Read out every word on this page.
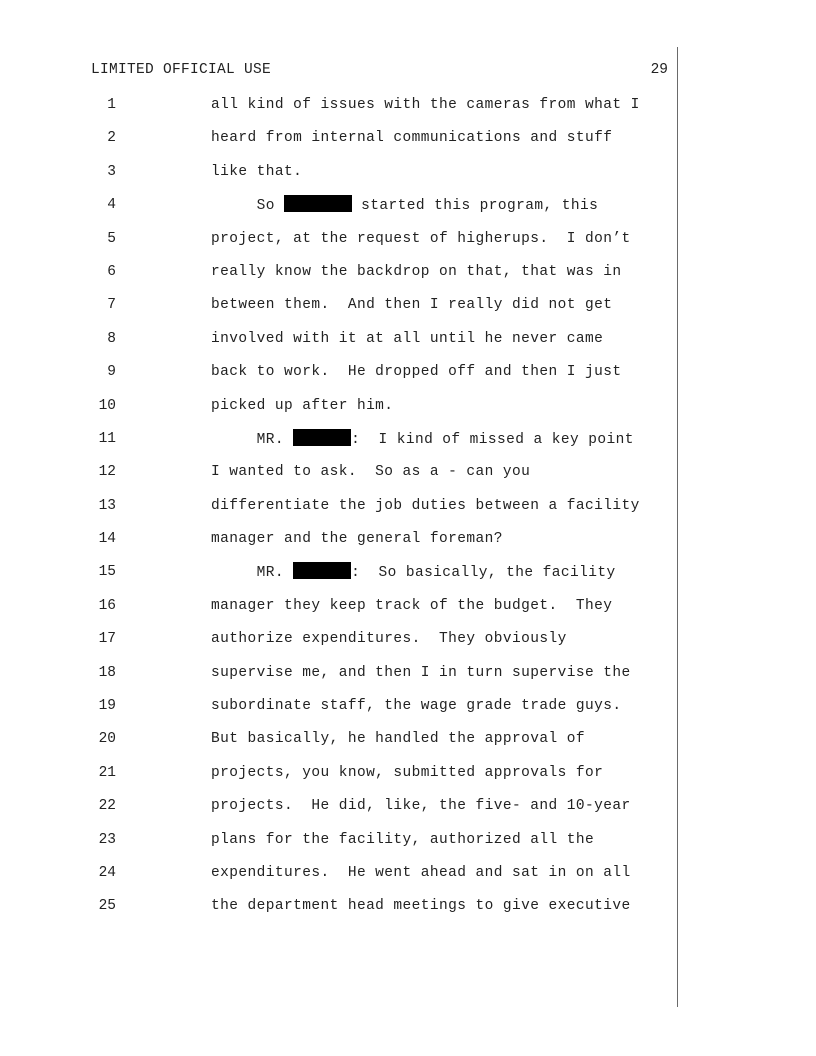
LIMITED OFFICIAL USE	29
1	all kind of issues with the cameras from what I
2	heard from internal communications and stuff
3	like that.
4	So	started this program, this
5	project, at the request of higherups.  I don’t
6	really know the backdrop on that, that was in
7	between them.  And then I really did not get
8	involved with it at all until he never came
9	back to work.  He dropped off and then I just
10	picked up after him.
11	MR.	:  I kind of missed a key point
12	I wanted to ask.  So as a - can you
13	differentiate the job duties between a facility
14	manager and the general foreman?
15	MR.	:  So basically, the facility
16	manager they keep track of the budget.  They
17	authorize expenditures.  They obviously
18	supervise me, and then I in turn supervise the
19	subordinate staff, the wage grade trade guys.
20	But basically, he handled the approval of
21	projects, you know, submitted approvals for
22	projects.  He did, like, the five- and 10-year
23	plans for the facility, authorized all the
24	expenditures.  He went ahead and sat in on all
25	the department head meetings to give executive
